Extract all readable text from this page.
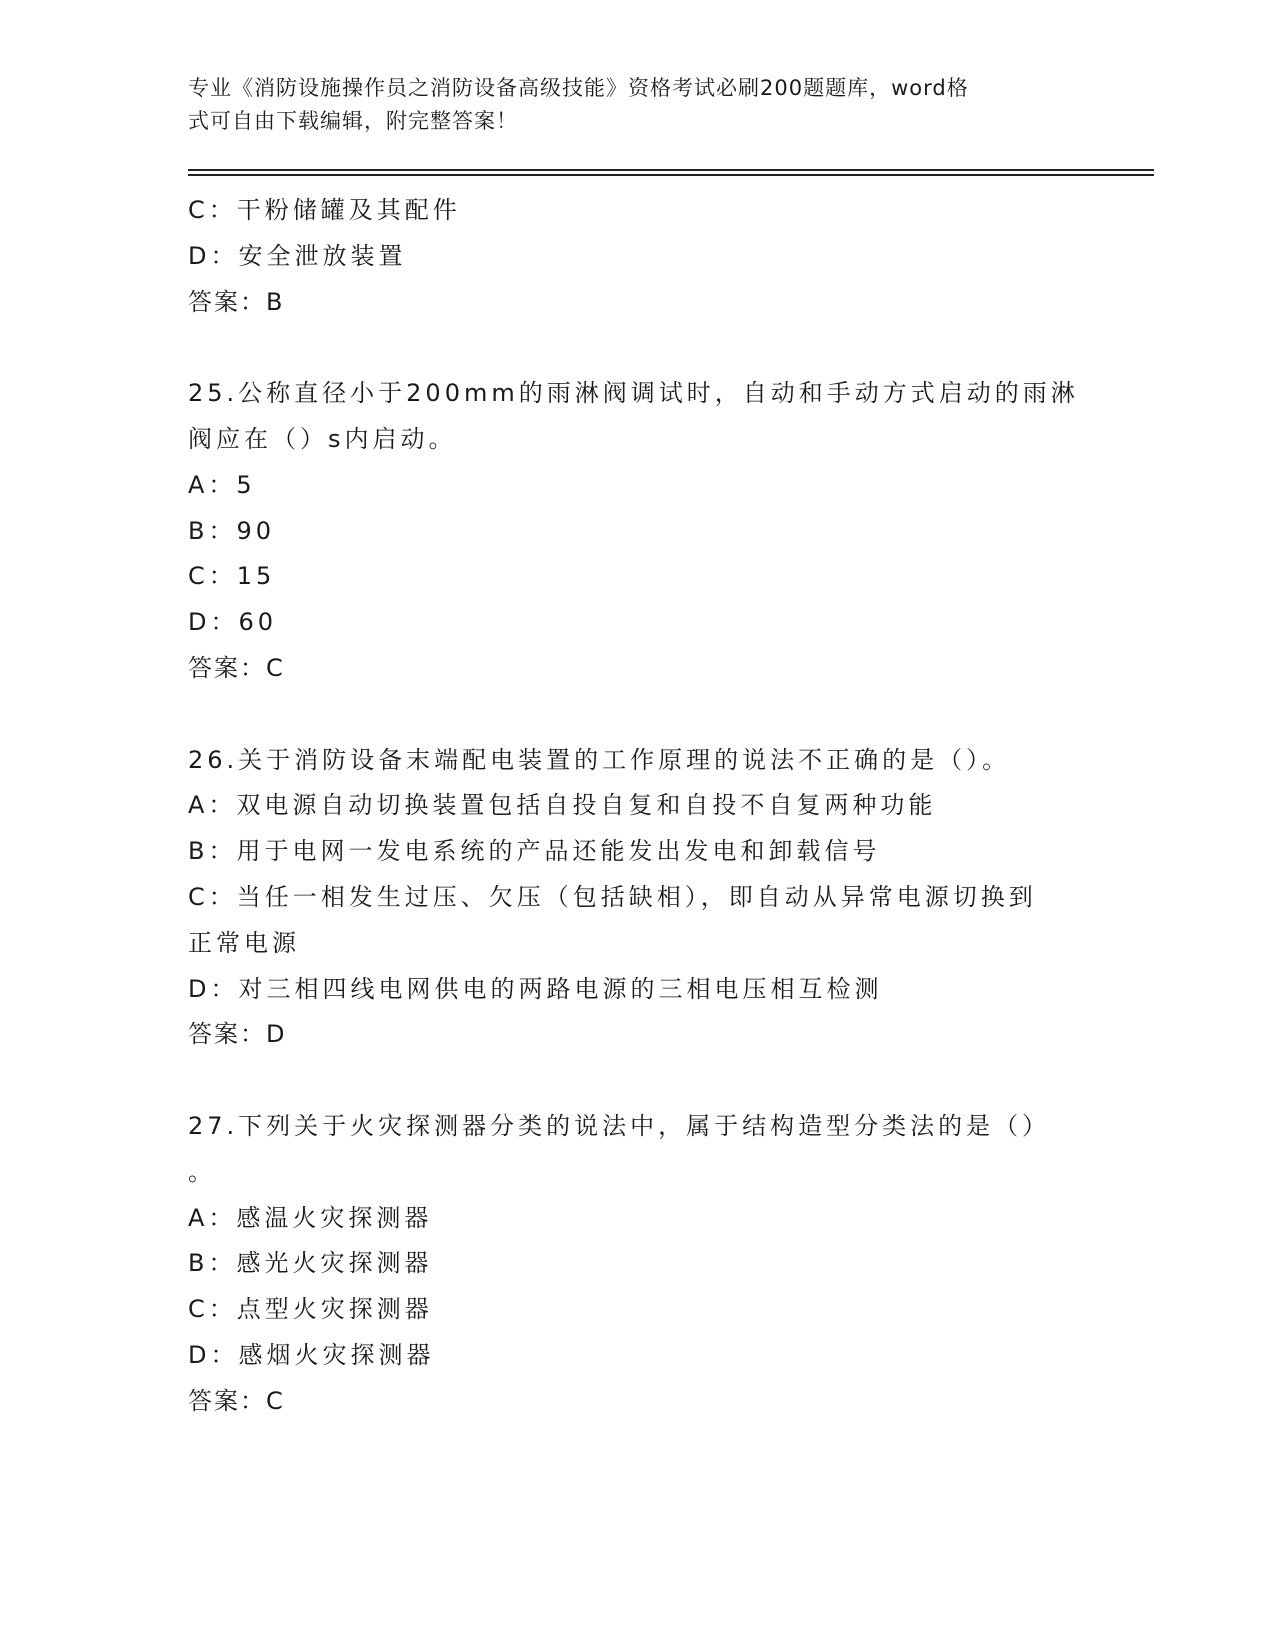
专业《消防设施操作员之消防设备高级技能》资格考试必刷200题题库，word格
式可自由下载编辑，附完整答案！
C：干粉储罐及其配件
D：安全泄放装置
答案：B
25.公称直径小于200mm的雨淋阀调试时，自动和手动方式启动的雨淋
阀应在（）s内启动。
A：5
B：90
C：15
D：60
答案：C
26.关于消防设备末端配电装置的工作原理的说法不正确的是（）。
A：双电源自动切换装置包括自投自复和自投不自复两种功能
B：用于电网一发电系统的产品还能发出发电和卸载信号
C：当任一相发生过压、欠压（包括缺相），即自动从异常电源切换到
正常电源
D：对三相四线电网供电的两路电源的三相电压相互检测
答案：D
27.下列关于火灾探测器分类的说法中，属于结构造型分类法的是（）
。
A：感温火灾探测器
B：感光火灾探测器
C：点型火灾探测器
D：感烟火灾探测器
答案：C
